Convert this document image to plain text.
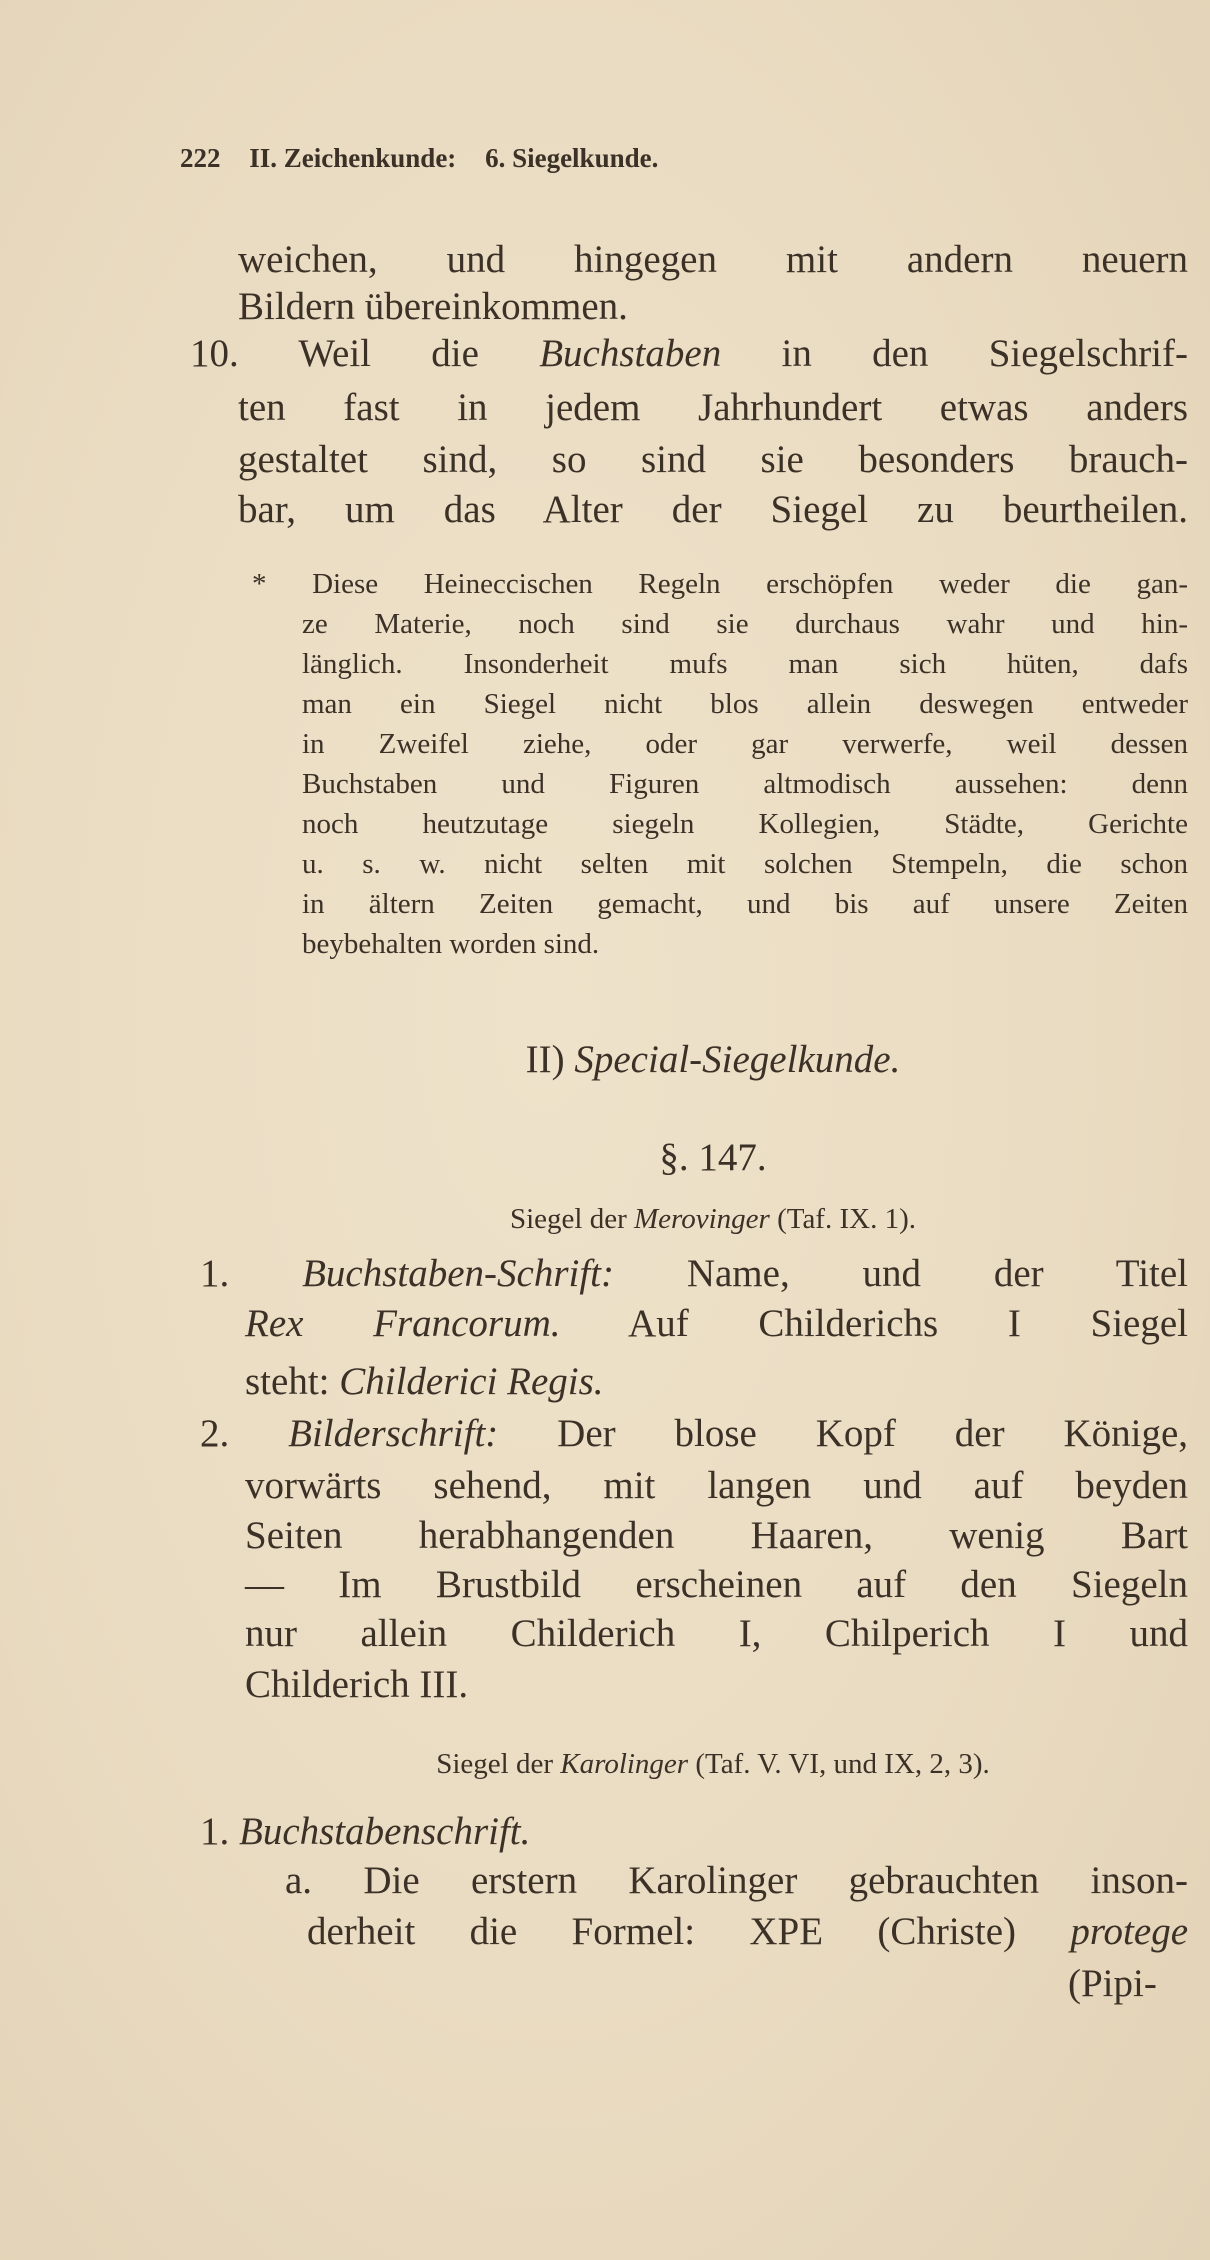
222 II. Zeichenkunde: 6. Siegelkunde.
weichen, und hingegen mit andern neuern
Bildern übereinkommen.
10. Weil die Buchstaben in den Siegelschrif-
ten fast in jedem Jahrhundert etwas anders
gestaltet sind, so sind sie besonders brauch-
bar, um das Alter der Siegel zu beurtheilen.
* Diese Heineccischen Regeln erschöpfen weder die gan-
ze Materie, noch sind sie durchaus wahr und hin-
länglich. Insonderheit mufs man sich hüten, dafs
man ein Siegel nicht blos allein deswegen entweder
in Zweifel ziehe, oder gar verwerfe, weil dessen
Buchstaben und Figuren altmodisch aussehen: denn
noch heutzutage siegeln Kollegien, Städte, Gerichte
u. s. w. nicht selten mit solchen Stempeln, die schon
in ältern Zeiten gemacht, und bis auf unsere Zeiten
beybehalten worden sind.
II) Special-Siegelkunde.
§. 147.
Siegel der Merovinger (Taf. IX. 1).
1. Buchstaben-Schrift: Name, und der Titel
Rex Francorum. Auf Childerichs I Siegel
steht: Childerici Regis.
2. Bilderschrift: Der blose Kopf der Könige,
vorwärts sehend, mit langen und auf beyden
Seiten herabhangenden Haaren, wenig Bart
— Im Brustbild erscheinen auf den Siegeln
nur allein Childerich I, Chilperich I und
Childerich III.
Siegel der Karolinger (Taf. V. VI, und IX, 2, 3).
1. Buchstabenschrift.
a. Die erstern Karolinger gebrauchten inson-
derheit die Formel: XPE (Christe) protege
(Pipi-
